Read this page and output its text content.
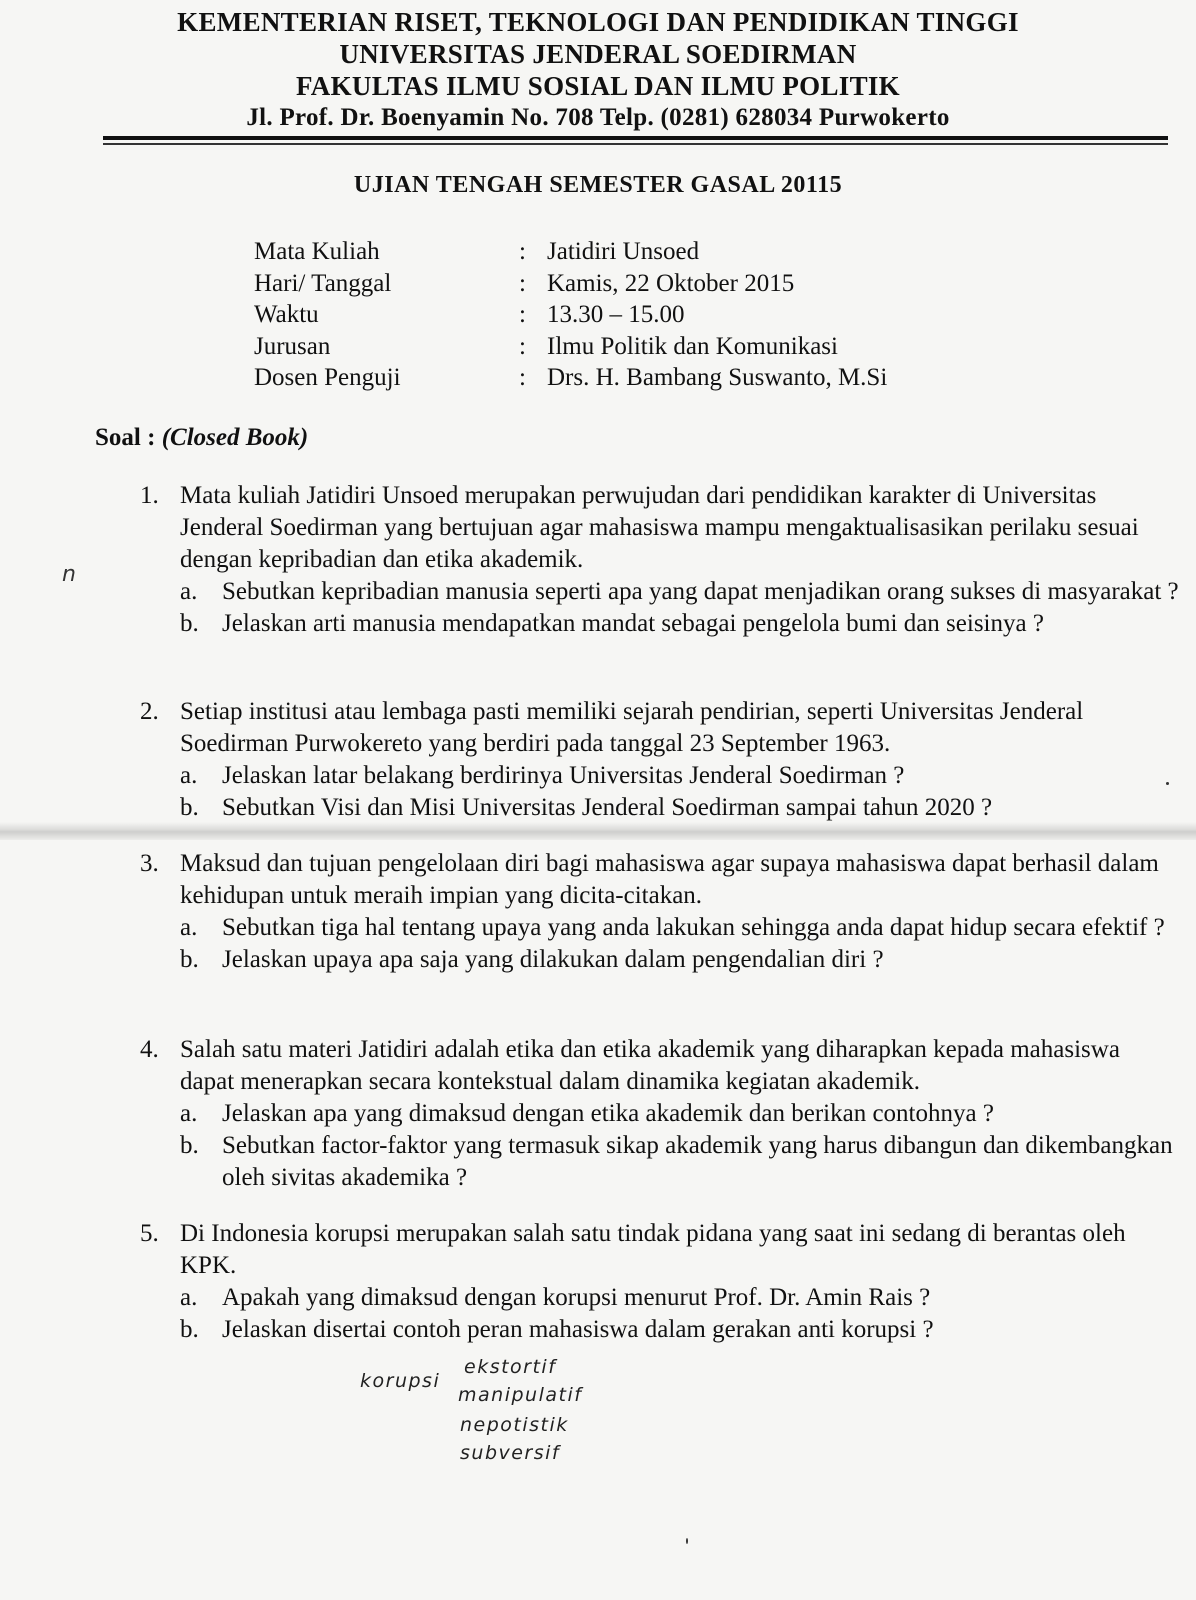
KEMENTERIAN RISET, TEKNOLOGI DAN PENDIDIKAN TINGGI
UNIVERSITAS JENDERAL SOEDIRMAN
FAKULTAS ILMU SOSIAL DAN ILMU POLITIK
Jl. Prof. Dr. Boenyamin No. 708 Telp. (0281) 628034 Purwokerto
UJIAN TENGAH SEMESTER GASAL 20115
Mata Kuliah	: Jatidiri Unsoed
Hari/ Tanggal	: Kamis, 22 Oktober 2015
Waktu	: 13.30 – 15.00
Jurusan	: Ilmu Politik dan Komunikasi
Dosen Penguji	: Drs. H. Bambang Suswanto, M.Si
Soal : (Closed Book)
1. Mata kuliah Jatidiri Unsoed merupakan perwujudan dari pendidikan karakter di Universitas Jenderal Soedirman yang bertujuan agar mahasiswa mampu mengaktualisasikan perilaku sesuai dengan kepribadian dan etika akademik.
a. Sebutkan kepribadian manusia seperti apa yang dapat menjadikan orang sukses di masyarakat ?
b. Jelaskan arti manusia mendapatkan mandat sebagai pengelola bumi dan seisinya ?
2. Setiap institusi atau lembaga pasti memiliki sejarah pendirian, seperti Universitas Jenderal Soedirman Purwokereto yang berdiri pada tanggal 23 September 1963.
a. Jelaskan latar belakang berdirinya Universitas Jenderal Soedirman ?
b. Sebutkan Visi dan Misi Universitas Jenderal Soedirman sampai tahun 2020 ?
3. Maksud dan tujuan pengelolaan diri bagi mahasiswa agar supaya mahasiswa dapat berhasil dalam kehidupan untuk meraih impian yang dicita-citakan.
a. Sebutkan tiga hal tentang upaya yang anda lakukan sehingga anda dapat hidup secara efektif ?
b. Jelaskan upaya apa saja yang dilakukan dalam pengendalian diri ?
4. Salah satu materi Jatidiri adalah etika dan etika akademik yang diharapkan kepada mahasiswa dapat menerapkan secara kontekstual dalam dinamika kegiatan akademik.
a. Jelaskan apa yang dimaksud dengan etika akademik dan berikan contohnya ?
b. Sebutkan factor-faktor yang termasuk sikap akademik yang harus dibangun dan dikembangkan oleh sivitas akademika ?
5. Di Indonesia korupsi merupakan salah satu tindak pidana yang saat ini sedang di berantas oleh KPK.
a. Apakah yang dimaksud dengan korupsi menurut Prof. Dr. Amin Rais ?
b. Jelaskan disertai contoh peran mahasiswa dalam gerakan anti korupsi ?
n
korupsi
ekstortif
manipulatif
nepotistik
subversif
